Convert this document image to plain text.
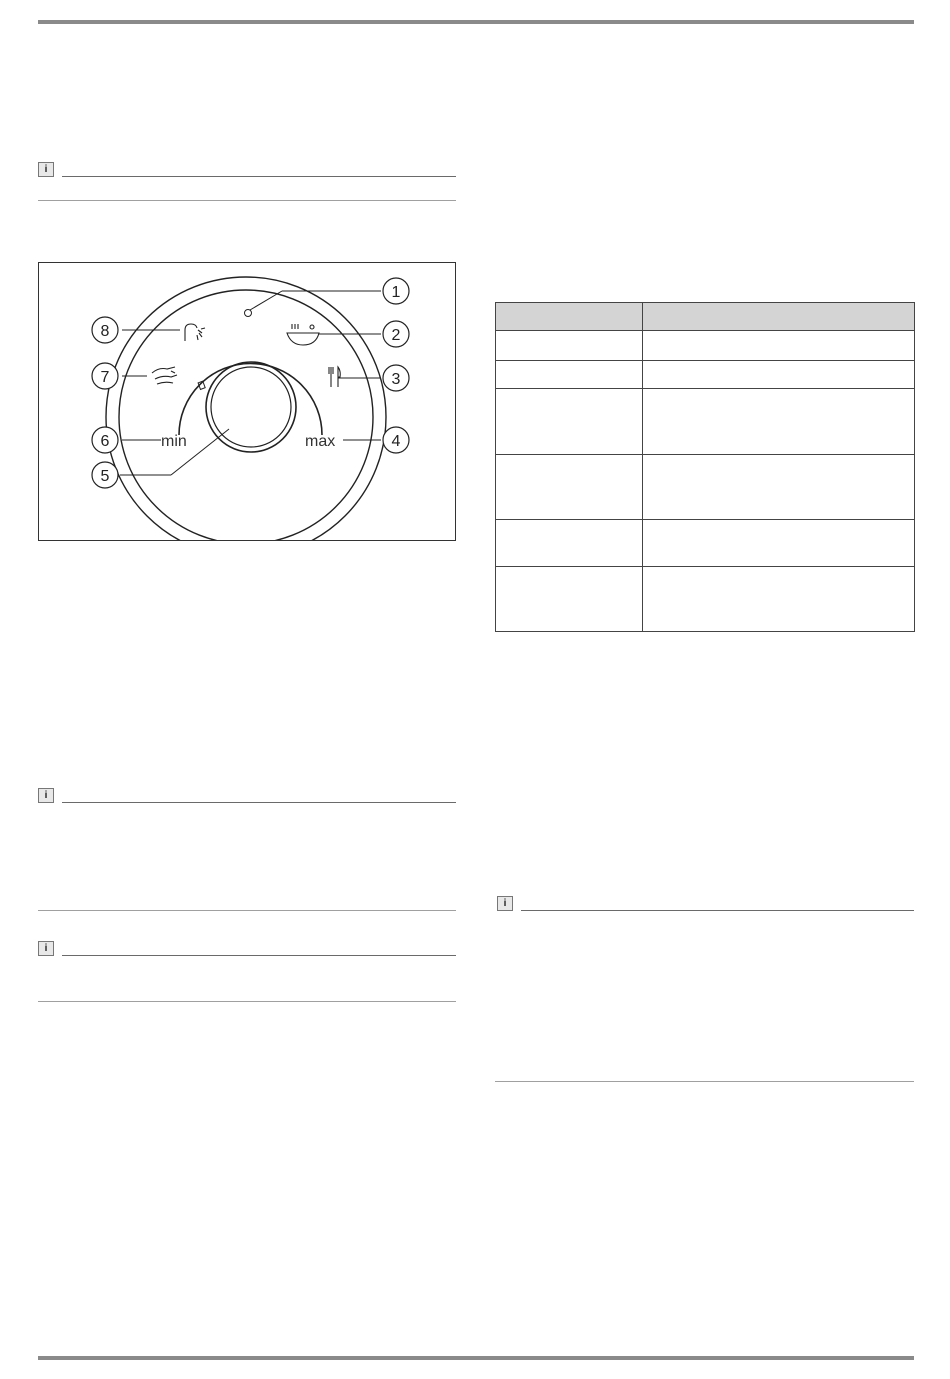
i
min	max
1
2
3
4
5
6
7
8
i
i

i
